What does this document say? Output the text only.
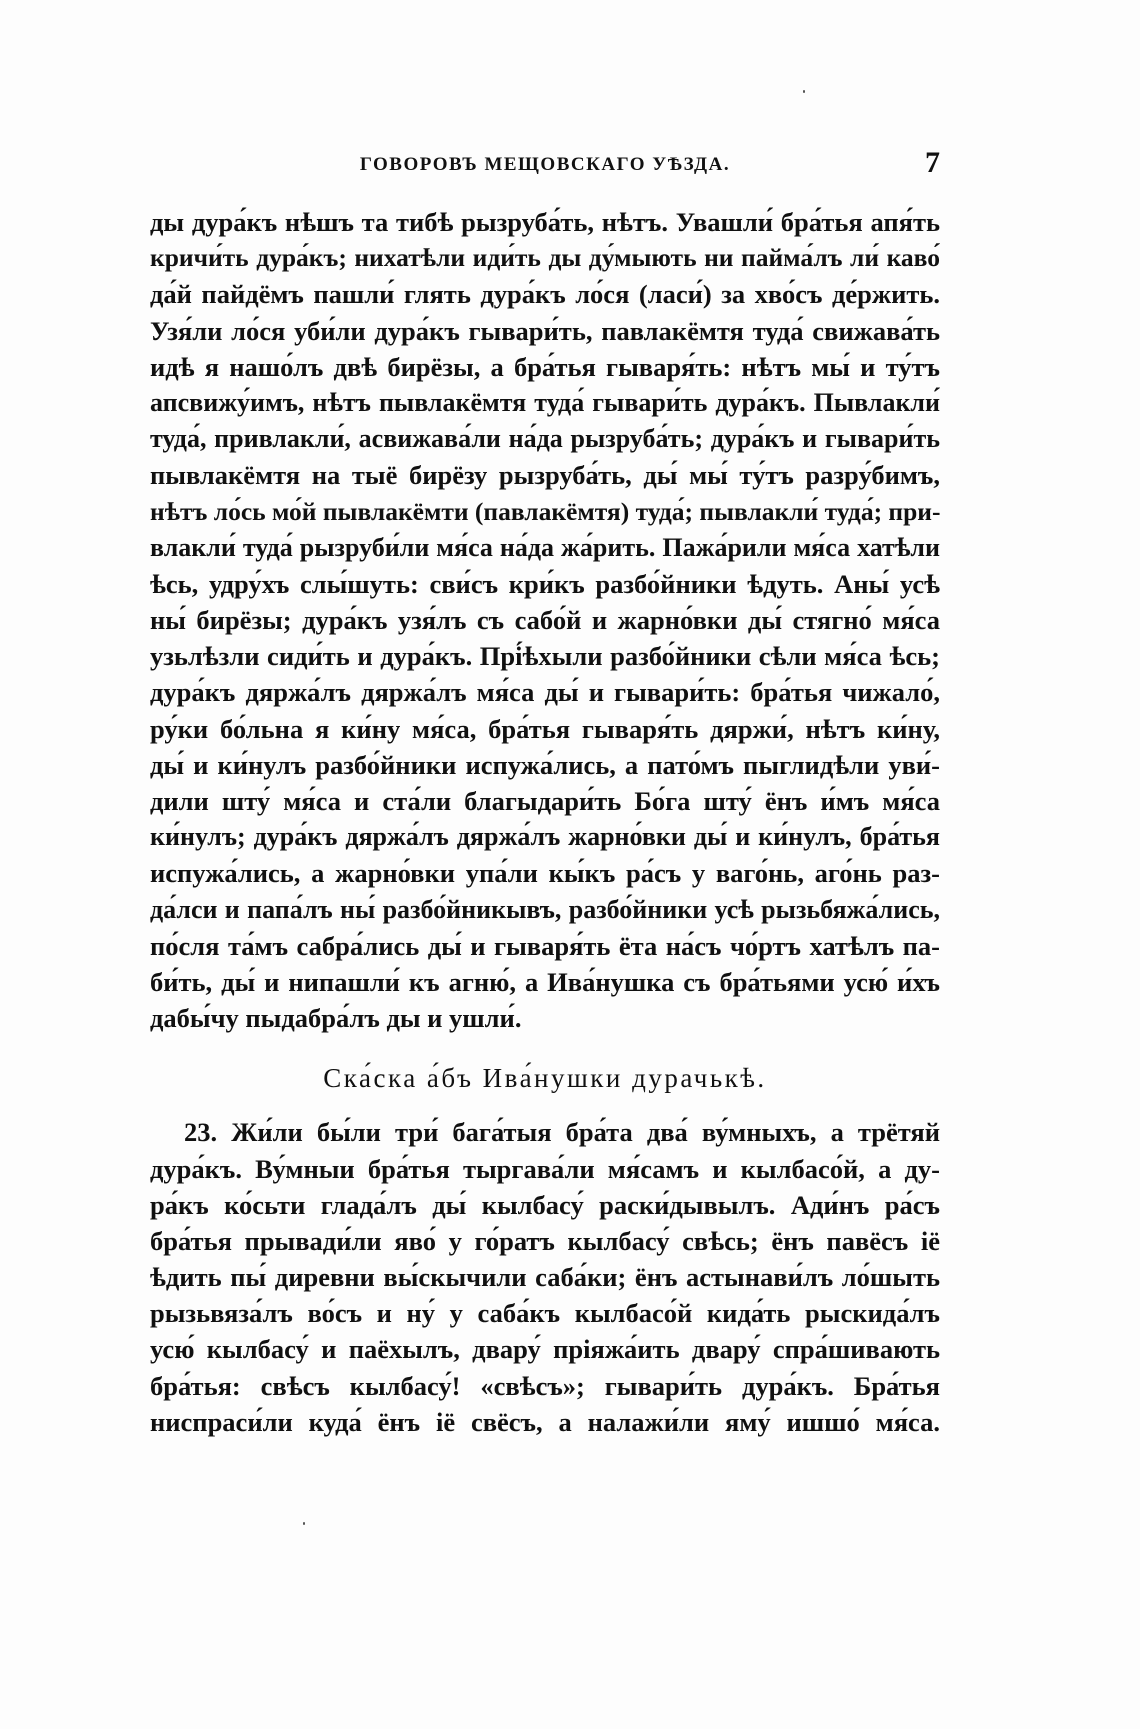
ГОВОРОВЪ МЕЩОВСКАГО УѢЗДА.	7
ды дура́къ нѣшъ та тибѣ рызруба́ть, нѣтъ. Увашли́ бра́тья апя́ть
кричи́ть дура́къ; нихатѣли иди́ть ды ду́мыють ни пайма́лъ ли́ каво́
да́й пайдёмъ пашли́ глять дура́къ ло́ся (ласи́) за хво́съ де́ржить.
Узя́ли ло́ся уби́ли дура́къ гывари́ть, павлакёмтя туда́ свижава́ть
идѣ я нашо́лъ двѣ бирёзы, а бра́тья гываря́ть: нѣтъ мы́ и ту́тъ
апсвижу́имъ, нѣтъ пывлакёмтя туда́ гывари́ть дура́къ. Пывлакли́
туда́, привлакли́, асвижава́ли на́да рызруба́ть; дура́къ и гывари́ть
пывлакёмтя на тыё бирёзу рызруба́ть, ды́ мы́ ту́тъ разру́бимъ,
нѣтъ ло́сь мо́й пывлакёмти (павлакёмтя) туда́; пывлакли́ туда́; при-
влакли́ туда́ рызруби́ли мя́са на́да жа́рить. Пажа́рили мя́са хатѣли
ѣсь, удру́хъ слы́шуть: сви́съ кри́къ разбо́йники ѣдуть. Аны́ усѣ
ны́ бирёзы; дура́къ узя́лъ съ сабо́й и жарно́вки ды́ стягно́ мя́са
узьлѣзли сиди́ть и дура́къ. Прі́ѣхыли разбо́йники сѣли мя́са ѣсь;
дура́къ дяржа́лъ дяржа́лъ мя́са ды́ и гывари́ть: бра́тья чижало́,
ру́ки бо́льна я ки́ну мя́са, бра́тья гываря́ть дяржи́, нѣтъ ки́ну,
ды́ и ки́нулъ разбо́йники испужа́лись, а пато́мъ пыглидѣли уви́-
дили шту́ мя́са и ста́ли благыдари́ть Бо́га шту́ ёнъ и́мъ мя́са
ки́нулъ; дура́къ дяржа́лъ дяржа́лъ жарно́вки ды́ и ки́нулъ, бра́тья
испужа́лись, а жарно́вки упа́ли кы́къ ра́съ у ваго́нь, аго́нь раз-
да́лси и папа́лъ ны́ разбо́йникывъ, разбо́йники усѣ рызьбяжа́лись,
по́сля та́мъ сабра́лись ды́ и гываря́ть ёта на́съ чо́ртъ хатѣлъ па-
би́ть, ды́ и нипашли́ къ агню́, а Ива́нушка съ бра́тьями усю́ и́хъ
дабы́чу пыдабра́лъ ды и ушли́.
Ска́ска а́бъ Ива́нушки дурачькѣ.
23. Жи́ли бы́ли три́ бага́тыя бра́та два́ ву́мныхъ, а трётяй
дура́къ. Ву́мныи бра́тья тыргава́ли мя́самъ и кылбасо́й, а ду-
ра́къ ко́сьти глада́лъ ды́ кылбасу́ раски́дывылъ. Ади́нъ ра́съ
бра́тья прывади́ли яво́ у го́ратъ кылбасу́ свѣсь; ёнъ павёсъ іё
ѣдить пы́ диревни вы́скычили саба́ки; ёнъ астынави́лъ ло́шыть
рызьвяза́лъ во́съ и ну́ у саба́къ кылбасо́й кида́ть рыскида́лъ
усю́ кылбасу́ и паёхылъ, двару́ пріяжа́ить двару́ спра́шивають
бра́тья: свѣсъ кылбасу́! «свѣсъ»; гывари́ть дура́къ. Бра́тья
ниспраси́ли куда́ ёнъ іё свёсъ, а налажи́ли яму́ ишшо́ мя́са.
